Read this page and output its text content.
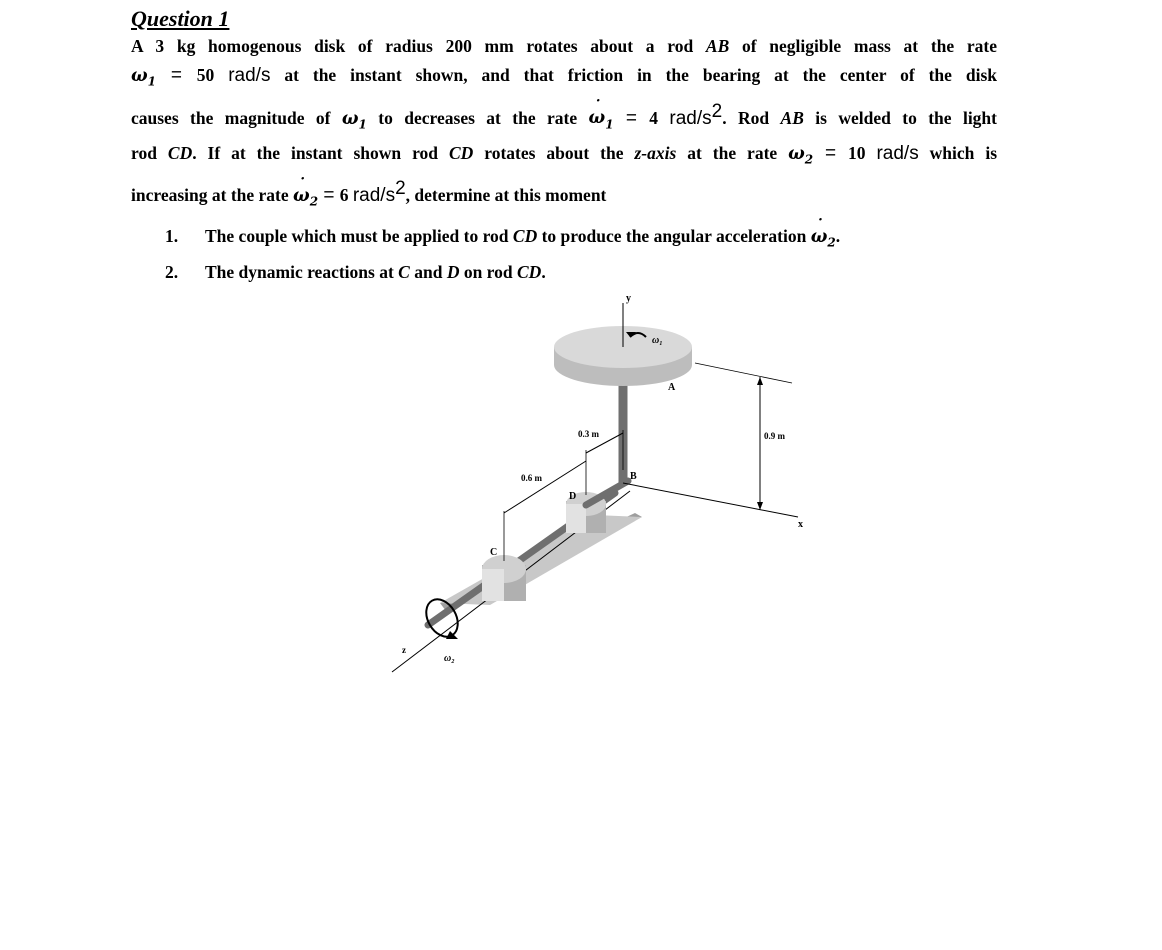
Question 1

A 3 kg homogenous disk of radius 200 mm rotates about a rod AB of negligible mass at the rate

$\omega_1 = 50$ rad/s at the instant shown, and that friction in the bearing at the center of the disk

causes the magnitude of $\omega_1$ to decreases at the rate ˙ $\omega_1 = 4$ rad/$s^2$. Rod AB is welded to the light

rod CD. If at the instant shown rod CD rotates about the z-axis at the rate $\omega_2 = 10$ rad/s which is

increasing at the rate ˙ $\omega_2 = 6$ rad/$s^2$, determine at this moment

1.	The couple which must be applied to rod CD to produce the angular acceleration ˙ $\omega_2$.
2.	The dynamic reactions at C and D on rod CD.
y
ω₁
x
A
B
C
D
0.9 m
0.3 m
0.6 m
z
ω₂
